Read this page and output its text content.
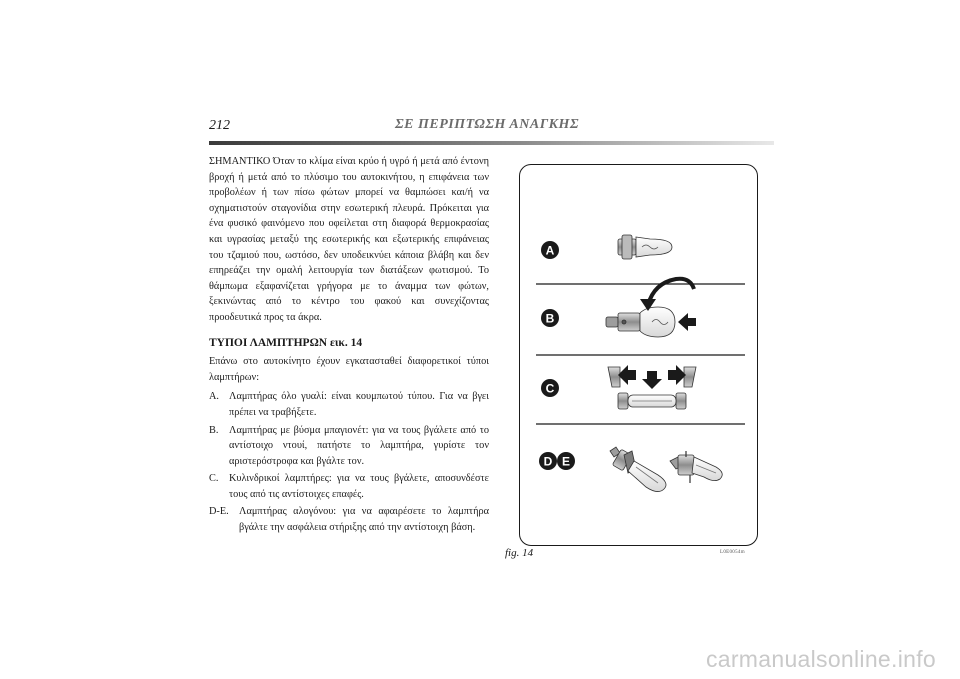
212	ΣΕ ΠΕΡΙΠΤΩΣΗ ΑΝΑΓΚΗΣ

ΣΗΜΑΝΤΙΚΟ Όταν το κλίμα είναι κρύο ή υγρό ή μετά από έντονη βροχή ή μετά από το πλύσιμο του αυτοκινήτου, η επιφάνεια των προβολέων ή των πίσω φώτων μπορεί να θαμπώσει και/ή να σχηματιστούν σταγονίδια στην εσωτερική πλευρά. Πρόκειται για ένα φυσικό φαινόμενο που οφείλεται στη διαφορά θερμοκρασίας και υγρασίας μεταξύ της εσωτερικής και εξωτερικής επιφάνειας του τζαμιού που, ωστόσο, δεν υποδεικνύει κάποια βλάβη και δεν επηρεάζει την ομαλή λειτουργία των διατάξεων φωτισμού. Το θάμπωμα εξαφανίζεται γρήγορα με το άναμμα των φώτων, ξεκινώντας από το κέντρο του φακού και συνεχίζοντας προοδευτικά προς τα άκρα.

ΤΥΠΟΙ ΛΑΜΠΤΗΡΩΝ εικ. 14

Επάνω στο αυτοκίνητο έχουν εγκατασταθεί διαφορετικοί τύποι λαμπτήρων:

A. Λαμπτήρας όλο γυαλί: είναι κουμπωτού τύπου. Για να βγει πρέπει να τραβήξετε.
B.	Λαμπτήρας με βύσμα μπαγιονέτ: για να τους βγάλετε από το αντίστοιχο ντουί, πατήστε το λαμπτήρα, γυρίστε τον αριστερόστροφα και βγάλτε τον.
C.	Κυλινδρικοί λαμπτήρες: για να τους βγάλετε, αποσυνδέστε τους από τις αντίστοιχες επαφές.
D-E. Λαμπτήρας αλογόνου: για να αφαιρέσετε το λαμπτήρα βγάλτε την ασφάλεια στήριξης από την αντίστοιχη βάση.
A
B
C
D E
fig. 14	L0E0054m
carmanualsonline.info
